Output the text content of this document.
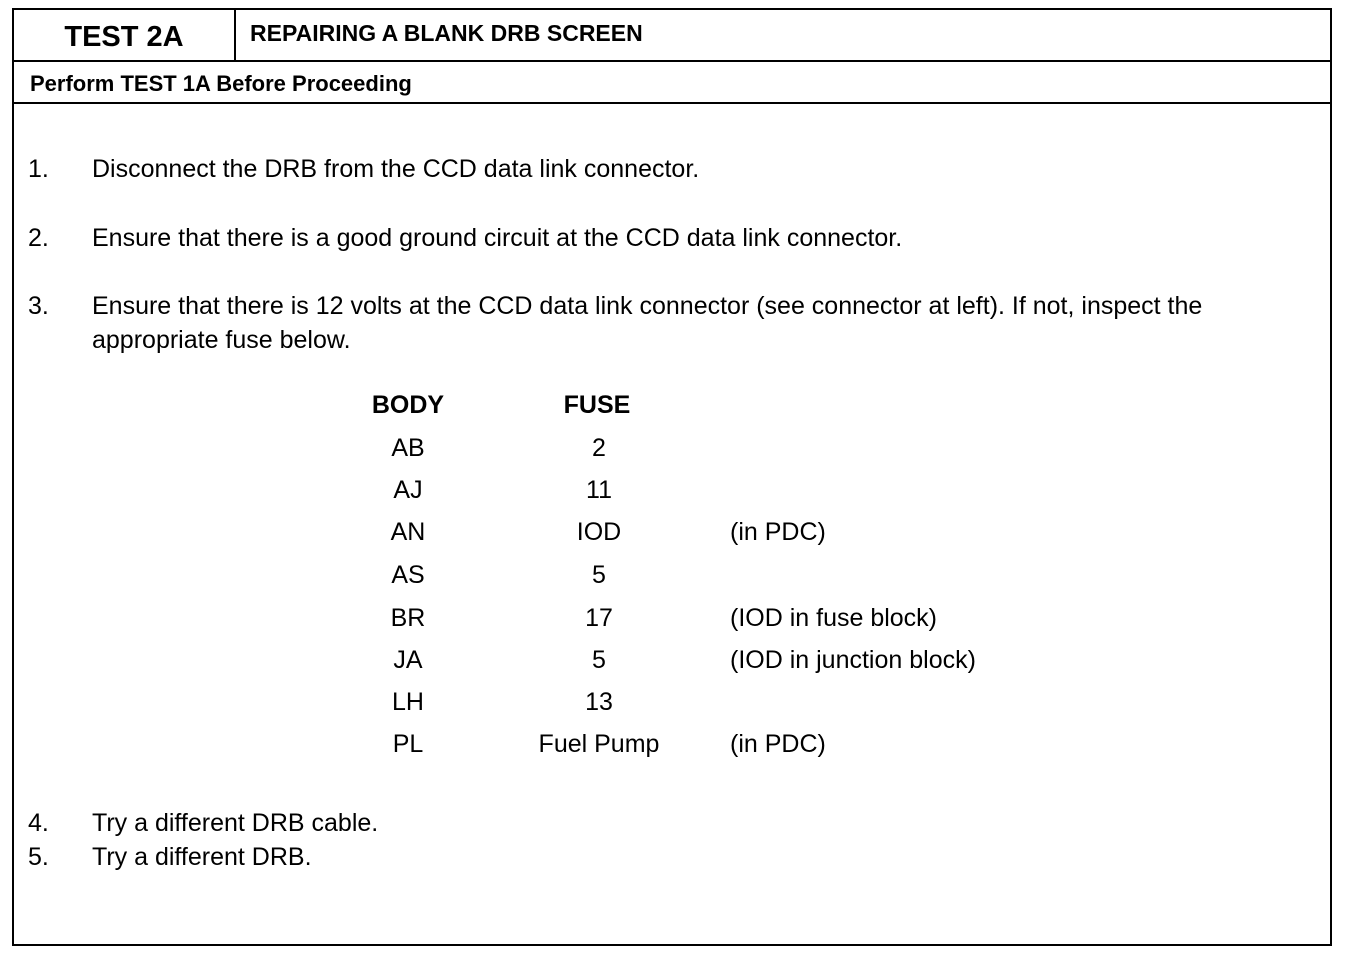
TEST 2A	REPAIRING A BLANK DRB SCREEN
Perform TEST 1A Before Proceeding
1.	Disconnect the DRB from the CCD data link connector.
2.	Ensure that there is a good ground circuit at the CCD data link connector.
3.	Ensure that there is 12 volts at the CCD data link connector (see connector at left). If not, inspect the appropriate fuse below.
BODY	FUSE
AB	2
AJ	11
AN	IOD	(in PDC)
AS	5
BR	17	(IOD in fuse block)
JA	5	(IOD in junction block)
LH	13
PL	Fuel Pump	(in PDC)
4.	Try a different DRB cable.
5.	Try a different DRB.
